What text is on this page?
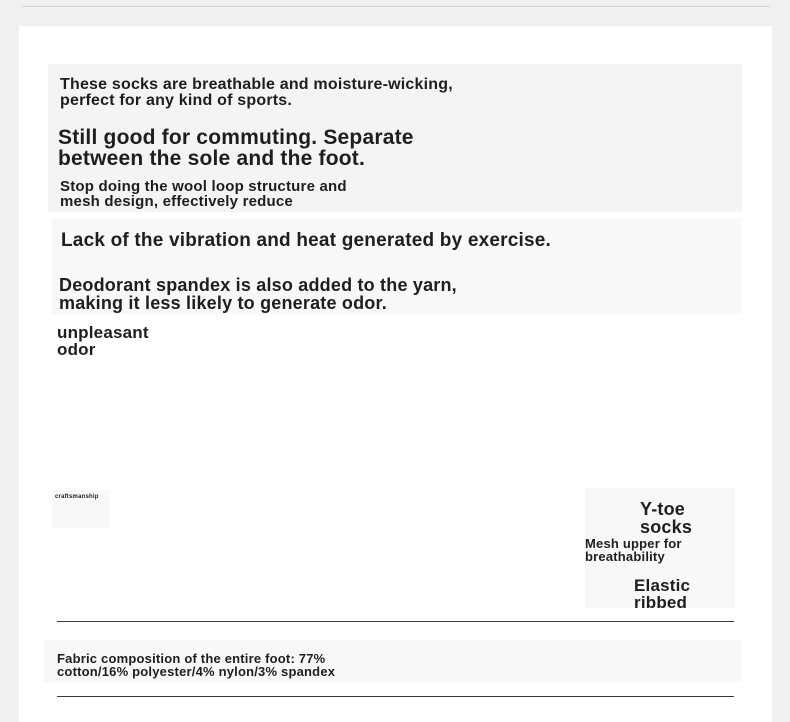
These socks are breathable and moisture-wicking,
perfect for any kind of sports.
Still good for commuting. Separate
between the sole and the foot.
Stop doing the wool loop structure and
mesh design, effectively reduce
Lack of the vibration and heat generated by exercise.
Deodorant spandex is also added to the yarn,
making it less likely to generate odor.
unpleasant
odor
craftsmanship
Y-toe
socks
Mesh upper for
breathability
Elastic
ribbed
Fabric composition of the entire foot: 77%
cotton/16% polyester/4% nylon/3% spandex
